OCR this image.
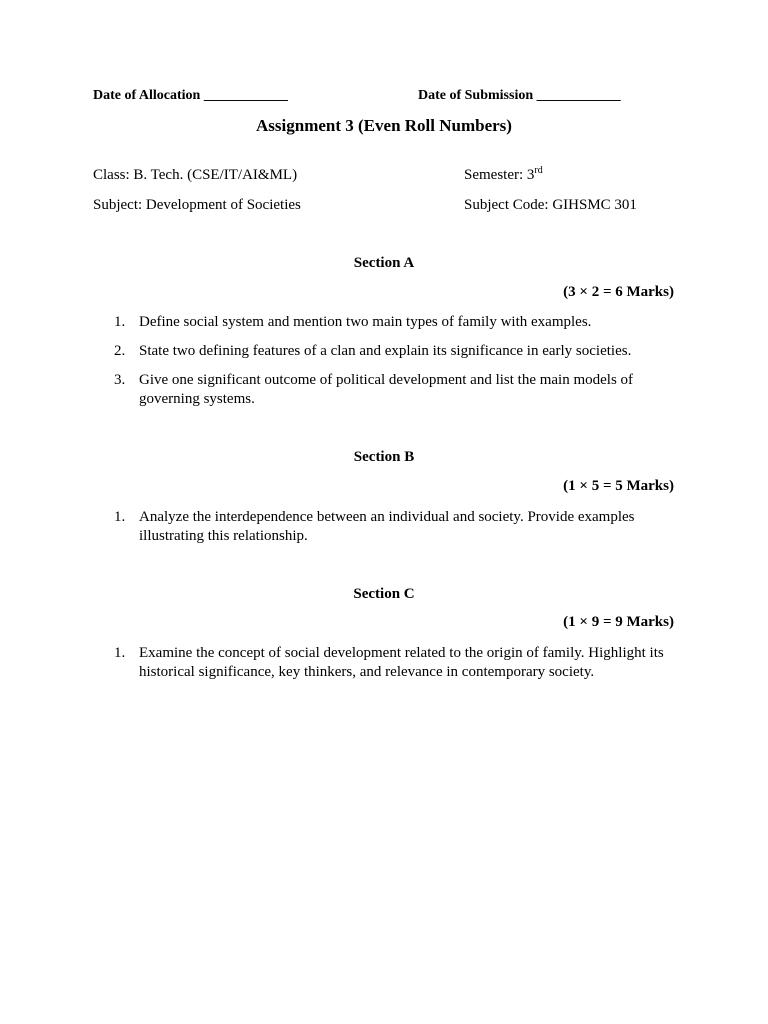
Date of Allocation ____________	Date of Submission ____________
Assignment 3 (Even Roll Numbers)
Class: B. Tech. (CSE/IT/AI&ML)	Semester: 3rd
Subject: Development of Societies	Subject Code: GIHSMC 301
Section A
(3 × 2 = 6 Marks)
1. Define social system and mention two main types of family with examples.
2. State two defining features of a clan and explain its significance in early societies.
3. Give one significant outcome of political development and list the main models of governing systems.
Section B
(1 × 5 = 5 Marks)
1. Analyze the interdependence between an individual and society. Provide examples illustrating this relationship.
Section C
(1 × 9 = 9 Marks)
1. Examine the concept of social development related to the origin of family. Highlight its historical significance, key thinkers, and relevance in contemporary society.
